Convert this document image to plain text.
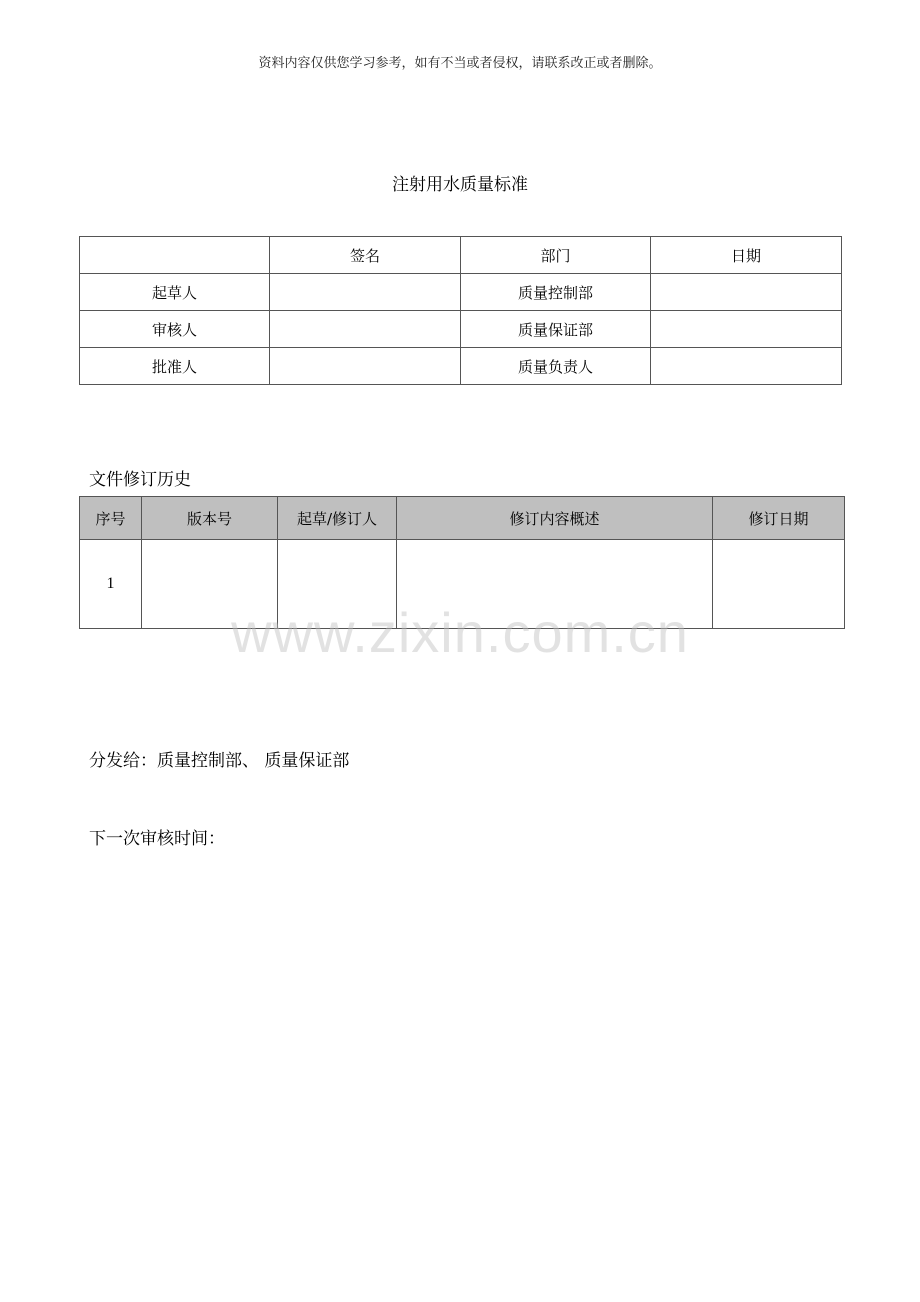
资料内容仅供您学习参考，如有不当或者侵权，请联系改正或者删除。
注射用水质量标准
	签名	部门	日期
起草人		质量控制部	
审核人		质量保证部	
批准人		质量负责人	
文件修订历史
序号	版本号	起草/修订人	修订内容概述	修订日期
1				
www.zixin.com.cn
分发给：质量控制部、 质量保证部
下一次审核时间：
